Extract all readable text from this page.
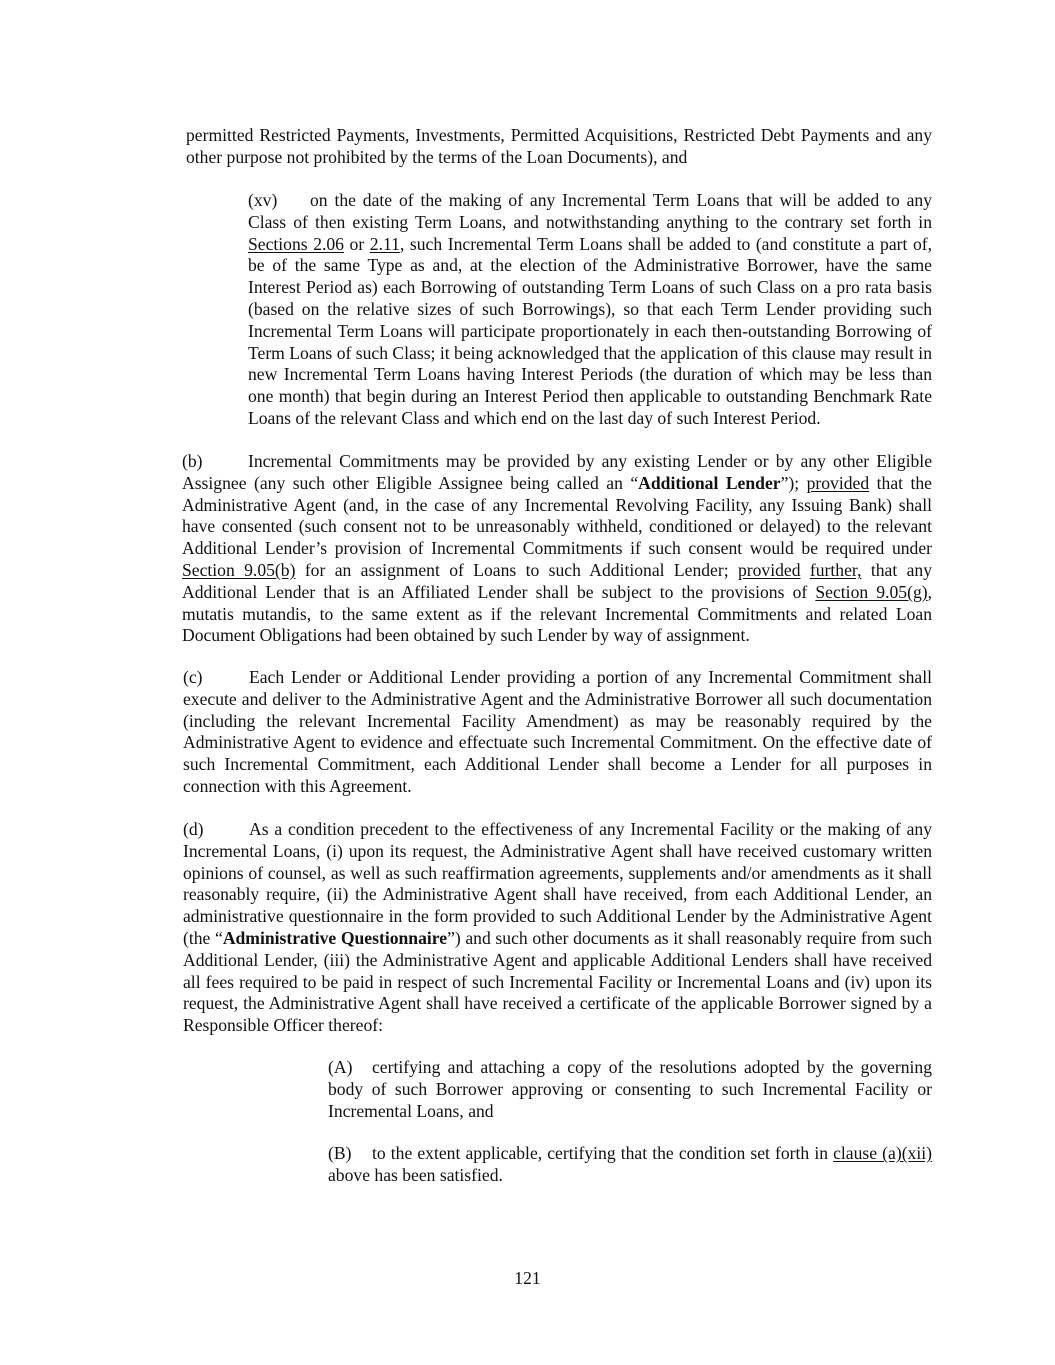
permitted Restricted Payments, Investments, Permitted Acquisitions, Restricted Debt Payments and any other purpose not prohibited by the terms of the Loan Documents), and

(xv) on the date of the making of any Incremental Term Loans that will be added to any Class of then existing Term Loans, and notwithstanding anything to the contrary set forth in Sections 2.06 or 2.11, such Incremental Term Loans shall be added to (and constitute a part of, be of the same Type as and, at the election of the Administrative Borrower, have the same Interest Period as) each Borrowing of outstanding Term Loans of such Class on a pro rata basis (based on the relative sizes of such Borrowings), so that each Term Lender providing such Incremental Term Loans will participate proportionately in each then-outstanding Borrowing of Term Loans of such Class; it being acknowledged that the application of this clause may result in new Incremental Term Loans having Interest Periods (the duration of which may be less than one month) that begin during an Interest Period then applicable to outstanding Benchmark Rate Loans of the relevant Class and which end on the last day of such Interest Period.

(b)	Incremental Commitments may be provided by any existing Lender or by any other Eligible Assignee (any such other Eligible Assignee being called an “Additional Lender”); provided that the Administrative Agent (and, in the case of any Incremental Revolving Facility, any Issuing Bank) shall have consented (such consent not to be unreasonably withheld, conditioned or delayed) to the relevant Additional Lender’s provision of Incremental Commitments if such consent would be required under Section 9.05(b) for an assignment of Loans to such Additional Lender; provided further, that any Additional Lender that is an Affiliated Lender shall be subject to the provisions of Section 9.05(g), mutatis mutandis, to the same extent as if the relevant Incremental Commitments and related Loan Document Obligations had been obtained by such Lender by way of assignment.

(c)	Each Lender or Additional Lender providing a portion of any Incremental Commitment shall execute and deliver to the Administrative Agent and the Administrative Borrower all such documentation (including the relevant Incremental Facility Amendment) as may be reasonably required by the Administrative Agent to evidence and effectuate such Incremental Commitment. On the effective date of such Incremental Commitment, each Additional Lender shall become a Lender for all purposes in connection with this Agreement.

(d)	As a condition precedent to the effectiveness of any Incremental Facility or the making of any Incremental Loans, (i) upon its request, the Administrative Agent shall have received customary written opinions of counsel, as well as such reaffirmation agreements, supplements and/or amendments as it shall reasonably require, (ii) the Administrative Agent shall have received, from each Additional Lender, an administrative questionnaire in the form provided to such Additional Lender by the Administrative Agent (the “Administrative Questionnaire”) and such other documents as it shall reasonably require from such Additional Lender, (iii) the Administrative Agent and applicable Additional Lenders shall have received all fees required to be paid in respect of such Incremental Facility or Incremental Loans and (iv) upon its request, the Administrative Agent shall have received a certificate of the applicable Borrower signed by a Responsible Officer thereof:

(A) certifying and attaching a copy of the resolutions adopted by the governing body of such Borrower approving or consenting to such Incremental Facility or Incremental Loans, and

(B) to the extent applicable, certifying that the condition set forth in clause (a)(xii) above has been satisfied.

121
